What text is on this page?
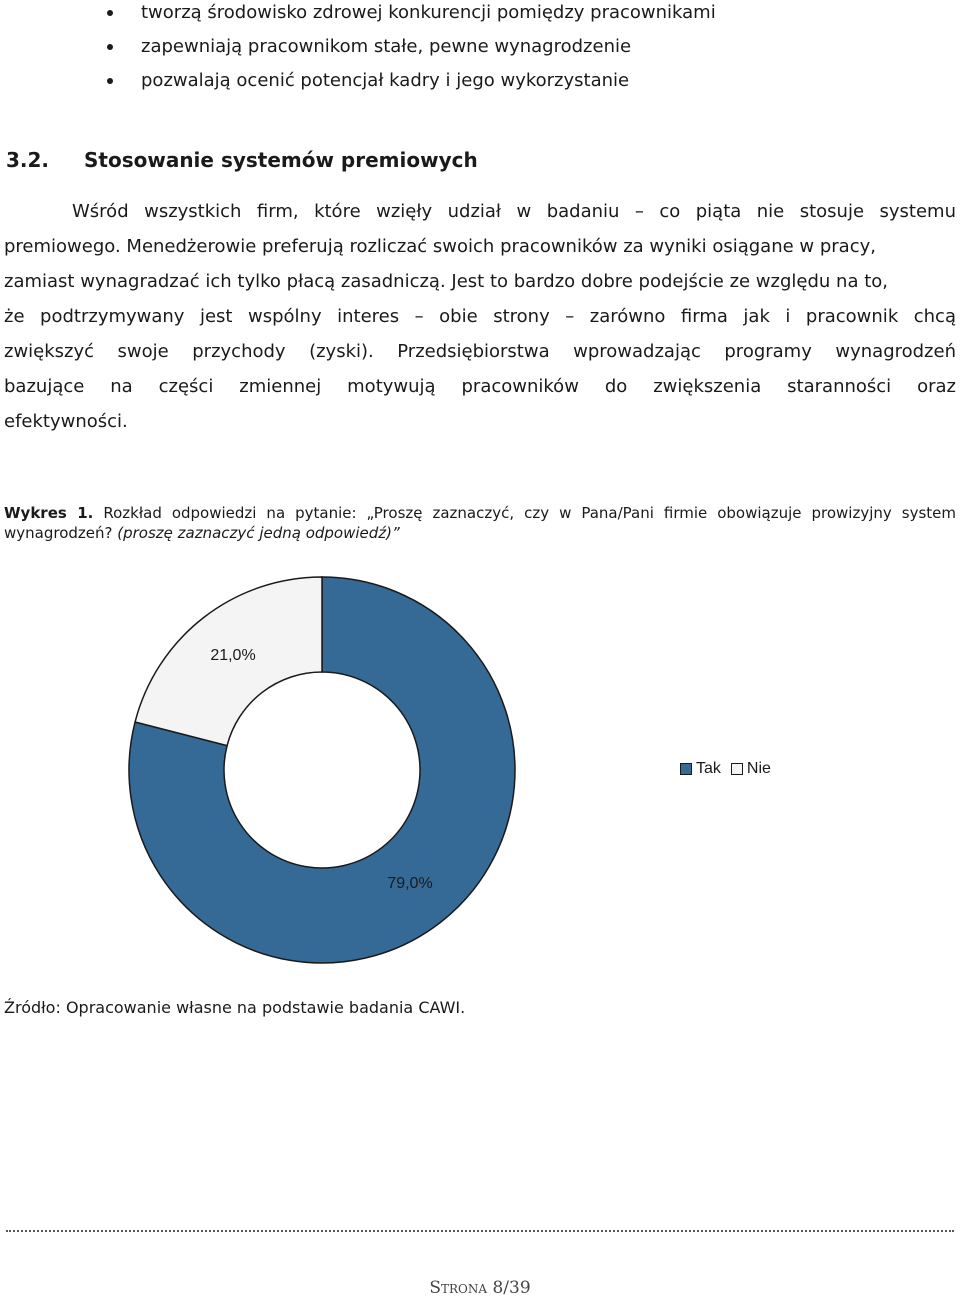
tworzą środowisko zdrowej konkurencji pomiędzy pracownikami
zapewniają pracownikom stałe, pewne wynagrodzenie
pozwalają ocenić potencjał kadry i jego wykorzystanie
3.2. Stosowanie systemów premiowych
Wśród wszystkich firm, które wzięły udział w badaniu – co piąta nie stosuje systemu
premiowego. Menedżerowie preferują rozliczać swoich pracowników za wyniki osiągane w pracy,
zamiast wynagradzać ich tylko płacą zasadniczą. Jest to bardzo dobre podejście ze względu na to,
że podtrzymywany jest wspólny interes – obie strony – zarówno firma jak i pracownik chcą
zwiększyć swoje przychody (zyski). Przedsiębiorstwa wprowadzając programy wynagrodzeń
bazujące na części zmiennej motywują pracowników do zwiększenia staranności oraz
efektywności.
Wykres 1. Rozkład odpowiedzi na pytanie: „Proszę zaznaczyć, czy w Pana/Pani firmie obowiązuje prowizyjny system
wynagrodzeń? (proszę zaznaczyć jedną odpowiedź)”
79,0%
21,0%
Tak Nie
Źródło: Opracowanie własne na podstawie badania CAWI.
Strona 8/39
